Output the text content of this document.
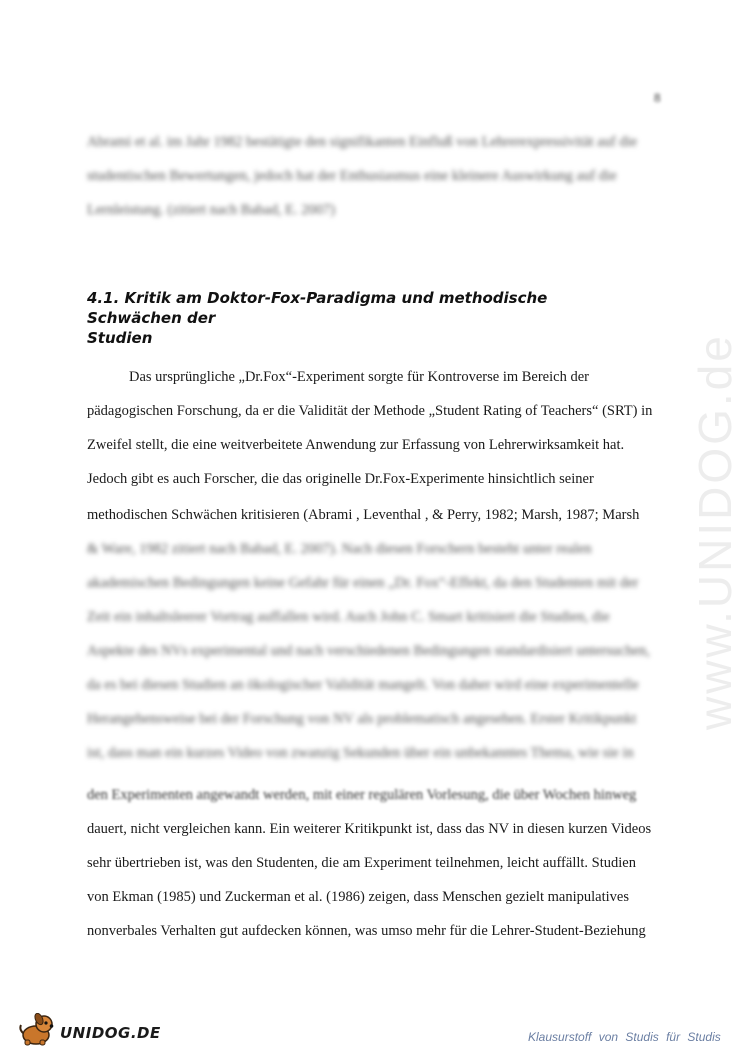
8
www.UNIDOG.de
Abrami et al. im Jahr 1982 bestätigte den signifikanten Einfluß von Lehrerexpressivität auf die
studentischen Bewertungen, jedoch hat der Enthusiasmus eine kleinere Auswirkung auf die
Lernleistung. (zitiert nach Babad, E. 2007)
4.1. Kritik am Doktor-Fox-Paradigma und methodische Schwächen der
Studien
Das ursprüngliche „Dr.Fox“-Experiment sorgte für Kontroverse im Bereich der
pädagogischen Forschung, da er die Validität der Methode „Student Rating of Teachers“ (SRT) in
Zweifel stellt, die eine weitverbeitete Anwendung zur Erfassung von Lehrerwirksamkeit hat.
Jedoch gibt es auch Forscher, die das originelle Dr.Fox-Experimente hinsichtlich seiner
methodischen Schwächen kritisieren (Abrami , Leventhal , & Perry, 1982; Marsh, 1987; Marsh
& Ware, 1982 zitiert nach Babad, E. 2007). Nach diesen Forschern besteht unter realen
akademischen Bedingungen keine Gefahr für einen „Dr. Fox“-Effekt, da den Studenten mit der
Zeit ein inhaltsleerer Vortrag auffallen wird. Auch John C. Smart kritisiert die Studien, die
Aspekte des NVs experimental und nach verschiedenen Bedingungen standardisiert untersuchen,
da es bei diesen Studien an ökologischer Validität mangelt. Von daher wird eine experimentelle
Herangehensweise bei der Forschung von NV als problematisch angesehen. Erster Kritikpunkt
ist, dass man ein kurzes Video von zwanzig Sekunden über ein unbekanntes Thema, wie sie in
den Experimenten angewandt werden, mit einer regulären Vorlesung, die über Wochen hinweg
dauert, nicht vergleichen kann. Ein weiterer Kritikpunkt ist, dass das NV in diesen kurzen Videos
sehr übertrieben ist, was den Studenten, die am Experiment teilnehmen, leicht auffällt. Studien
von Ekman (1985) und Zuckerman et al. (1986) zeigen, dass Menschen gezielt manipulatives
nonverbales Verhalten gut aufdecken können, was umso mehr für die Lehrer-Student-Beziehung
UNIDOG.DE	Klausurstoff von Studis für Studis
